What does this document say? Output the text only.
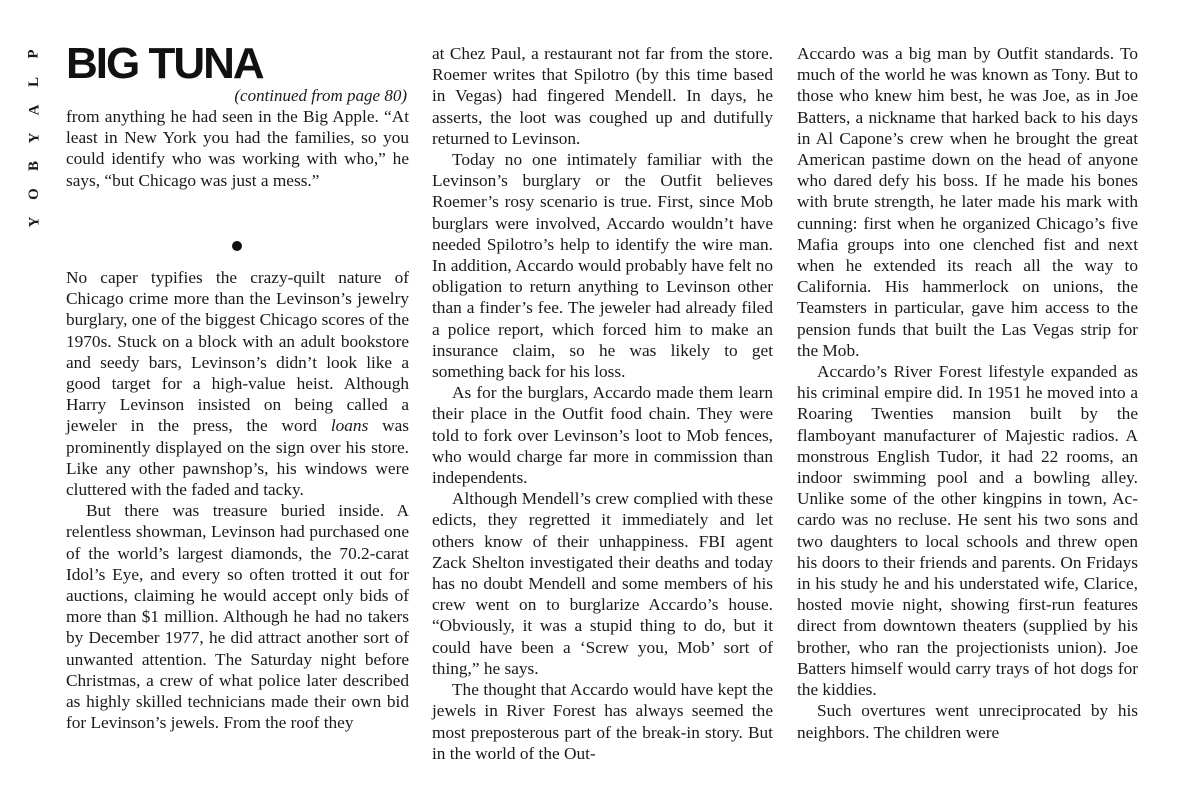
P
L
A
Y
B
O
Y
BIG TUNA
(continued from page 80)

from anything he had seen in the Big Apple. “At least in New York you had the families, so you could identify who was working with who,” he says, “but Chicago was just a mess.”

No caper typifies the crazy-quilt nature of Chicago crime more than the Levinson’s jewelry burglary, one of the biggest Chicago scores of the 1970s. Stuck on a block with an adult bookstore and seedy bars, Levinson’s didn’t look like a good target for a high-value heist. Although Harry Levinson insisted on being called a jeweler in the press, the word loans was prominently displayed on the sign over his store. Like any other pawnshop’s, his windows were cluttered with the faded and tacky.

But there was treasure buried inside. A relentless showman, Levinson had purchased one of the world’s largest diamonds, the 70.2-carat Idol’s Eye, and every so often trotted it out for auctions, claiming he would accept only bids of more than $1 million. Although he had no takers by December 1977, he did attract another sort of unwanted attention. The Saturday night before Christmas, a crew of what police later described as highly skilled technicians made their own bid for Levinson’s jewels. From the roof they

at Chez Paul, a restaurant not far from the store. Roemer writes that Spilotro (by this time based in Vegas) had fingered Mendell. In days, he asserts, the loot was coughed up and dutifully returned to Levinson.

Today no one intimately familiar with the Levinson’s burglary or the Outfit believes Roemer’s rosy scenario is true. First, since Mob burglars were involved, Accardo wouldn’t have needed Spilotro’s help to identify the wire man. In addition, Accardo would probably have felt no obligation to return anything to Levinson other than a finder’s fee. The jeweler had already filed a police report, which forced him to make an insurance claim, so he was likely to get something back for his loss.

As for the burglars, Accardo made them learn their place in the Outfit food chain. They were told to fork over Levinson’s loot to Mob fences, who would charge far more in commission than independents.

Although Mendell’s crew complied with these edicts, they regretted it immediately and let others know of their unhappiness. FBI agent Zack Shelton investigated their deaths and today has no doubt Mendell and some members of his crew went on to burglarize Accardo’s house. “Obviously, it was a stupid thing to do, but it could have been a ‘Screw you, Mob’ sort of thing,” he says.

The thought that Accardo would have kept the jewels in River Forest has always seemed the most preposterous part of the break-in story. But in the world of the Out-

Accardo was a big man by Outfit standards. To much of the world he was known as Tony. But to those who knew him best, he was Joe, as in Joe Batters, a nickname that harked back to his days in Al Capone’s crew when he brought the great American pastime down on the head of anyone who dared defy his boss. If he made his bones with brute strength, he later made his mark with cunning: first when he organized Chicago’s five Mafia groups into one clenched fist and next when he extended its reach all the way to California. His hammerlock on unions, the Teamsters in particular, gave him access to the pension funds that built the Las Vegas strip for the Mob.

Accardo’s River Forest lifestyle expanded as his criminal empire did. In 1951 he moved into a Roaring Twenties mansion built by the flamboyant manufacturer of Majestic radios. A monstrous English Tudor, it had 22 rooms, an indoor swimming pool and a bowling alley. Unlike some of the other kingpins in town, Accardo was no recluse. He sent his two sons and two daughters to local schools and threw open his doors to their friends and parents. On Fridays in his study he and his understated wife, Clarice, hosted movie night, showing first-run features direct from downtown theaters (supplied by his brother, who ran the projectionists union). Joe Batters himself would carry trays of hot dogs for the kiddies.

Such overtures went unreciprocated by his neighbors. The children were
